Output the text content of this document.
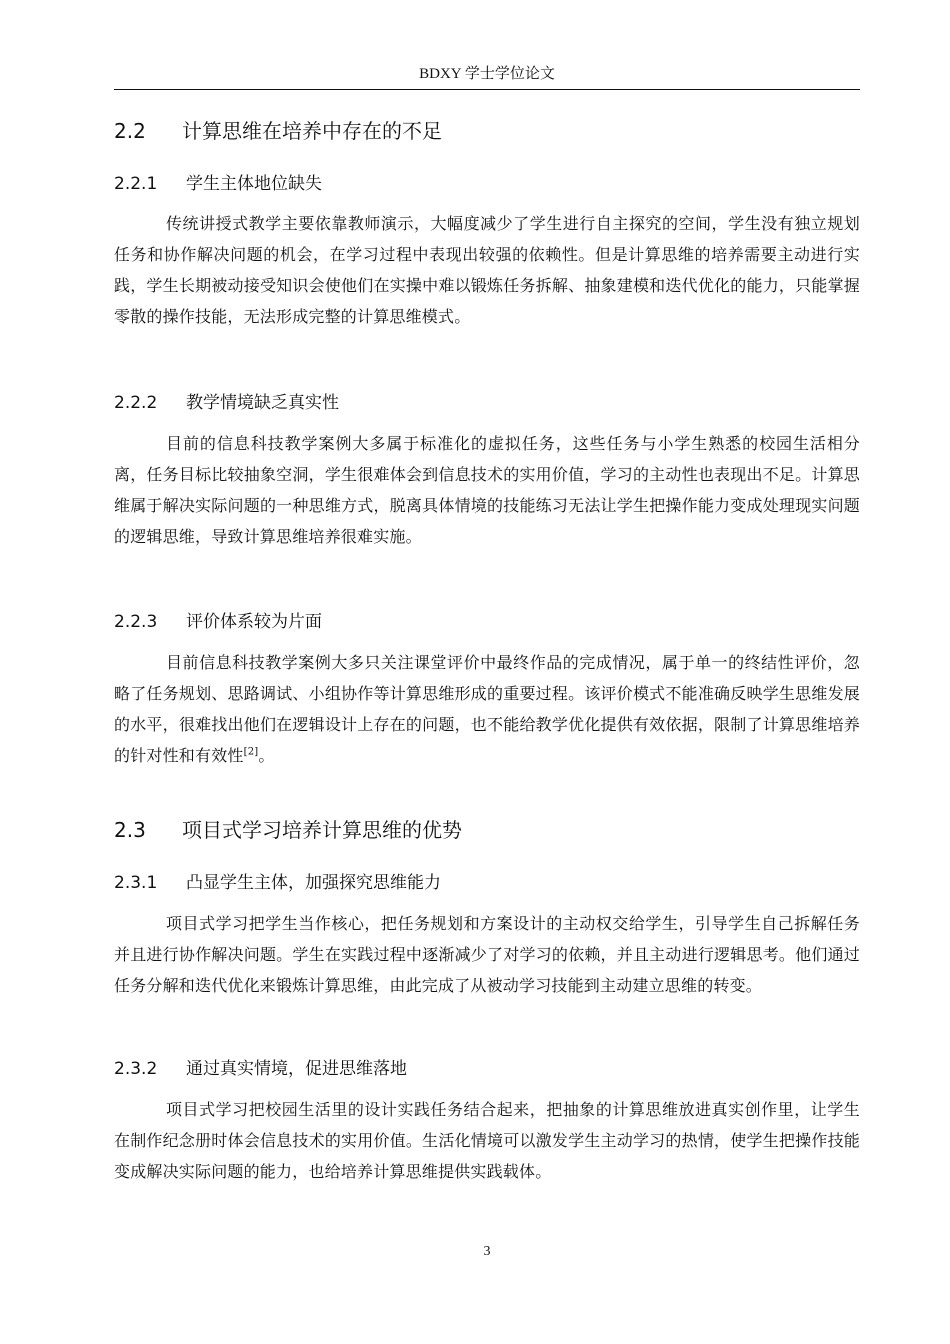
BDXY 学士学位论文
2.2 计算思维在培养中存在的不足
2.2.1 学生主体地位缺失

传统讲授式教学主要依靠教师演示，大幅度减少了学生进行自主探究的空间，学生没有独立规划任务和协作解决问题的机会，在学习过程中表现出较强的依赖性。但是计算思维的培养需要主动进行实践，学生长期被动接受知识会使他们在实操中难以锻炼任务拆解、抽象建模和迭代优化的能力，只能掌握零散的操作技能，无法形成完整的计算思维模式。

2.2.2 教学情境缺乏真实性

目前的信息科技教学案例大多属于标准化的虚拟任务，这些任务与小学生熟悉的校园生活相分离，任务目标比较抽象空洞，学生很难体会到信息技术的实用价值，学习的主动性也表现出不足。计算思维属于解决实际问题的一种思维方式，脱离具体情境的技能练习无法让学生把操作能力变成处理现实问题的逻辑思维，导致计算思维培养很难实施。

2.2.3 评价体系较为片面

目前信息科技教学案例大多只关注课堂评价中最终作品的完成情况，属于单一的终结性评价，忽略了任务规划、思路调试、小组协作等计算思维形成的重要过程。该评价模式不能准确反映学生思维发展的水平，很难找出他们在逻辑设计上存在的问题，也不能给教学优化提供有效依据，限制了计算思维培养的针对性和有效性[2]。

2.3 项目式学习培养计算思维的优势
2.3.1 凸显学生主体，加强探究思维能力

项目式学习把学生当作核心，把任务规划和方案设计的主动权交给学生，引导学生自己拆解任务并且进行协作解决问题。学生在实践过程中逐渐减少了对学习的依赖，并且主动进行逻辑思考。他们通过任务分解和迭代优化来锻炼计算思维，由此完成了从被动学习技能到主动建立思维的转变。

2.3.2 通过真实情境，促进思维落地

项目式学习把校园生活里的设计实践任务结合起来，把抽象的计算思维放进真实创作里，让学生在制作纪念册时体会信息技术的实用价值。生活化情境可以激发学生主动学习的热情，使学生把操作技能变成解决实际问题的能力，也给培养计算思维提供实践载体。

3
